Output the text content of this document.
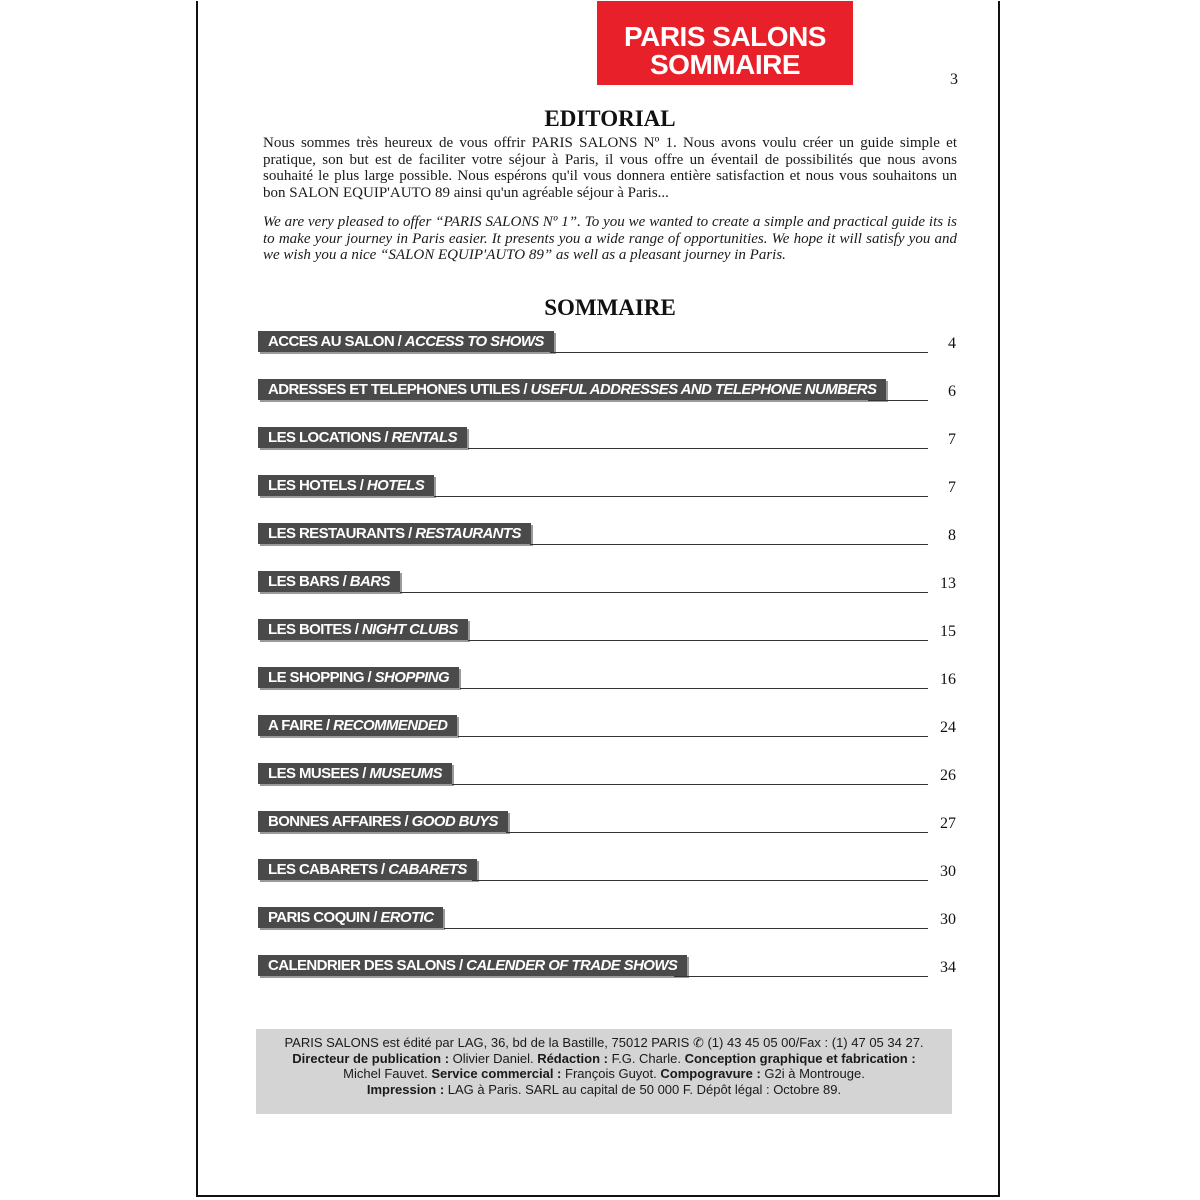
PARIS SALONS
SOMMAIRE	3
EDITORIAL

Nous sommes très heureux de vous offrir PARIS SALONS Nº 1. Nous avons voulu créer un guide simple et pratique, son but est de faciliter votre séjour à Paris, il vous offre un éventail de possibilités que nous avons souhaité le plus large possible. Nous espérons qu'il vous donnera entière satisfaction et nous vous souhaitons un bon SALON EQUIP'AUTO 89 ainsi qu'un agréable séjour à Paris...

We are very pleased to offer “PARIS SALONS Nº 1”. To you we wanted to create a simple and practical guide its is to make your journey in Paris easier. It presents you a wide range of opportunities. We hope it will satisfy you and we wish you a nice “SALON EQUIP'AUTO 89” as well as a pleasant journey in Paris.

SOMMAIRE
ACCES AU SALON / ACCESS TO SHOWS	4
ADRESSES ET TELEPHONES UTILES / USEFUL ADDRESSES AND TELEPHONE NUMBERS	6
LES LOCATIONS / RENTALS	7
LES HOTELS / HOTELS	7
LES RESTAURANTS / RESTAURANTS	8
LES BARS / BARS	13
LES BOITES / NIGHT CLUBS	15
LE SHOPPING / SHOPPING	16
A FAIRE / RECOMMENDED	24
LES MUSEES / MUSEUMS	26
BONNES AFFAIRES / GOOD BUYS	27
LES CABARETS / CABARETS	30
PARIS COQUIN / EROTIC	30
CALENDRIER DES SALONS / CALENDER OF TRADE SHOWS	34
PARIS SALONS est édité par LAG, 36, bd de la Bastille, 75012 PARIS ✆ (1) 43 45 05 00/Fax : (1) 47 05 34 27.
Directeur de publication : Olivier Daniel. Rédaction : F.G. Charle. Conception graphique et fabrication :
Michel Fauvet. Service commercial : François Guyot. Compogravure : G2i à Montrouge.
Impression : LAG à Paris. SARL au capital de 50 000 F. Dépôt légal : Octobre 89.
